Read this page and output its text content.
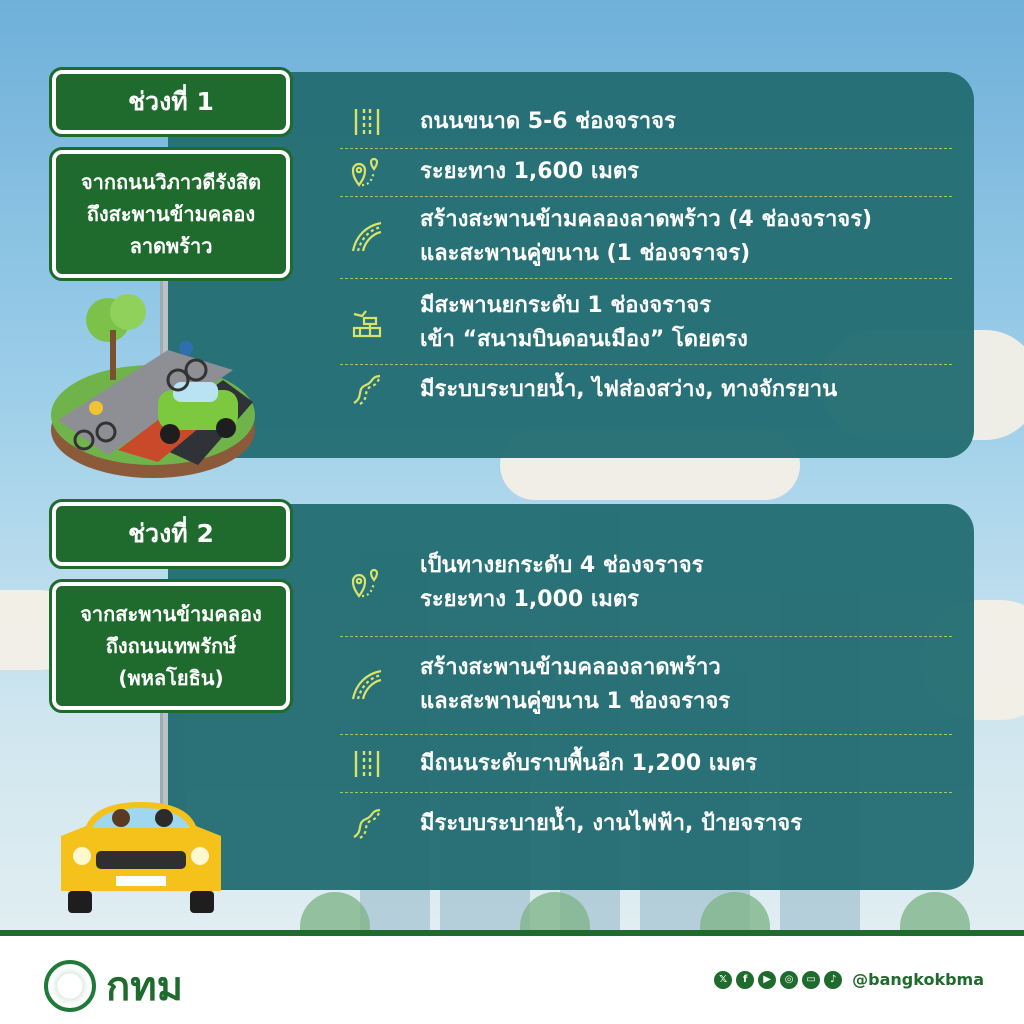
ช่วงที่ 1
จากถนนวิภาวดีรังสิต
ถึงสะพานข้ามคลอง
ลาดพร้าว
ถนนขนาด 5-6 ช่องจราจร
ระยะทาง 1,600 เมตร
สร้างสะพานข้ามคลองลาดพร้าว (4 ช่องจราจร)
และสะพานคู่ขนาน (1 ช่องจราจร)
มีสะพานยกระดับ 1 ช่องจราจร
เข้า “สนามบินดอนเมือง” โดยตรง
มีระบบระบายน้ำ, ไฟส่องสว่าง, ทางจักรยาน
ช่วงที่ 2
จากสะพานข้ามคลอง
ถึงถนนเทพรักษ์
(พหลโยธิน)
เป็นทางยกระดับ 4 ช่องจราจร
ระยะทาง 1,000 เมตร
สร้างสะพานข้ามคลองลาดพร้าว
และสะพานคู่ขนาน 1 ช่องจราจร
มีถนนระดับราบพื้นอีก 1,200 เมตร
มีระบบระบายน้ำ, งานไฟฟ้า, ป้ายจราจร
กทม	𝕏	f	▶	◎	▭	♪ @bangkokbma
